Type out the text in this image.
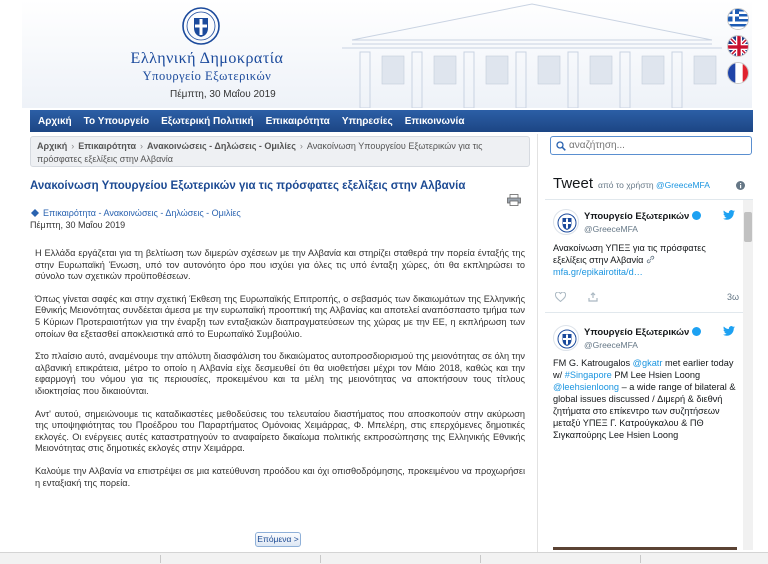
Ελληνική Δημοκρατία
Υπουργείο Εξωτερικών
Πέμπτη, 30 Μαΐου 2019
Αρχική	Το Υπουργείο	Εξωτερική Πολιτική	Επικαιρότητα	Υπηρεσίες	Επικοινωνία
Αρχική › Επικαιρότητα › Ανακοινώσεις - Δηλώσεις - Ομιλίες › Ανακοίνωση Υπουργείου Εξωτερικών για τις πρόσφατες εξελίξεις στην Αλβανία
αναζήτηση...
Ανακοίνωση Υπουργείου Εξωτερικών για τις πρόσφατες εξελίξεις στην Αλβανία
Επικαιρότητα - Ανακοινώσεις - Δηλώσεις - Ομιλίες
Πέμπτη, 30 Μαΐου 2019

Η Ελλάδα εργάζεται για τη βελτίωση των διμερών σχέσεων με την Αλβανία και στηρίζει σταθερά την πορεία ένταξής της στην Ευρωπαϊκή Ένωση, υπό τον αυτονόητο όρο που ισχύει για όλες τις υπό ένταξη χώρες, ότι θα εκπληρώσει το σύνολο των σχετικών προϋποθέσεων.

Όπως γίνεται σαφές και στην σχετική Έκθεση της Ευρωπαϊκής Επιτροπής, ο σεβασμός των δικαιωμάτων της Ελληνικής Εθνικής Μειονότητας συνδέεται άμεσα με την ευρωπαϊκή προοπτική της Αλβανίας και αποτελεί αναπόσπαστο τμήμα των 5 Κύριων Προτεραιοτήτων για την έναρξη των ενταξιακών διαπραγματεύσεων της χώρας με την ΕΕ, η εκπλήρωση των οποίων θα εξετασθεί αποκλειστικά από το Ευρωπαϊκό Συμβούλιο.

Στο πλαίσιο αυτό, αναμένουμε την απόλυτη διασφάλιση του δικαιώματος αυτοπροσδιορισμού της μειονότητας σε όλη την αλβανική επικράτεια, μέτρο το οποίο η Αλβανία είχε δεσμευθεί ότι θα υιοθετήσει μέχρι τον Μάιο 2018, καθώς και την εφαρμογή του νόμου για τις περιουσίες, προκειμένου και τα μέλη της μειονότητας να αποκτήσουν τους τίτλους ιδιοκτησίας που δικαιούνται.

Αντ' αυτού, σημειώνουμε τις καταδικαστέες μεθοδεύσεις του τελευταίου διαστήματος που αποσκοπούν στην ακύρωση της υποψηφιότητας του Προέδρου του Παραρτήματος Ομόνοιας Χειμάρρας, Φ. Μπελέρη, στις επερχόμενες δημοτικές εκλογές. Οι ενέργειες αυτές καταστρατηγούν το αναφαίρετο δικαίωμα πολιτικής εκπροσώπησης της Ελληνικής Εθνικής Μειονότητας στις δημοτικές εκλογές στην Χειμάρρα.

Καλούμε την Αλβανία να επιστρέψει σε μια κατεύθυνση προόδου και όχι οπισθοδρόμησης, προκειμένου να προχωρήσει η ενταξιακή της πορεία.

Επόμενα >
Tweet από το χρήστη @GreeceMFA
Υπουργείο Εξωτερικών
@GreeceMFA
Ανακοίνωση ΥΠΕΞ για τις πρόσφατες εξελίξεις στην Αλβανία
mfa.gr/epikairotita/d…
3ω
Υπουργείο Εξωτερικών
@GreeceMFA
FM G. Katrougalos @gkatr met earlier today w/ #Singapore PM Lee Hsien Loong @leehsienloong – a wide range of bilateral & global issues discussed / Διμερή & διεθνή ζητήματα στο επίκεντρο των συζητήσεων μεταξύ ΥΠΕΞ Γ. Κατρούγκαλου & ΠΘ Σιγκαπούρης Lee Hsien Loong
